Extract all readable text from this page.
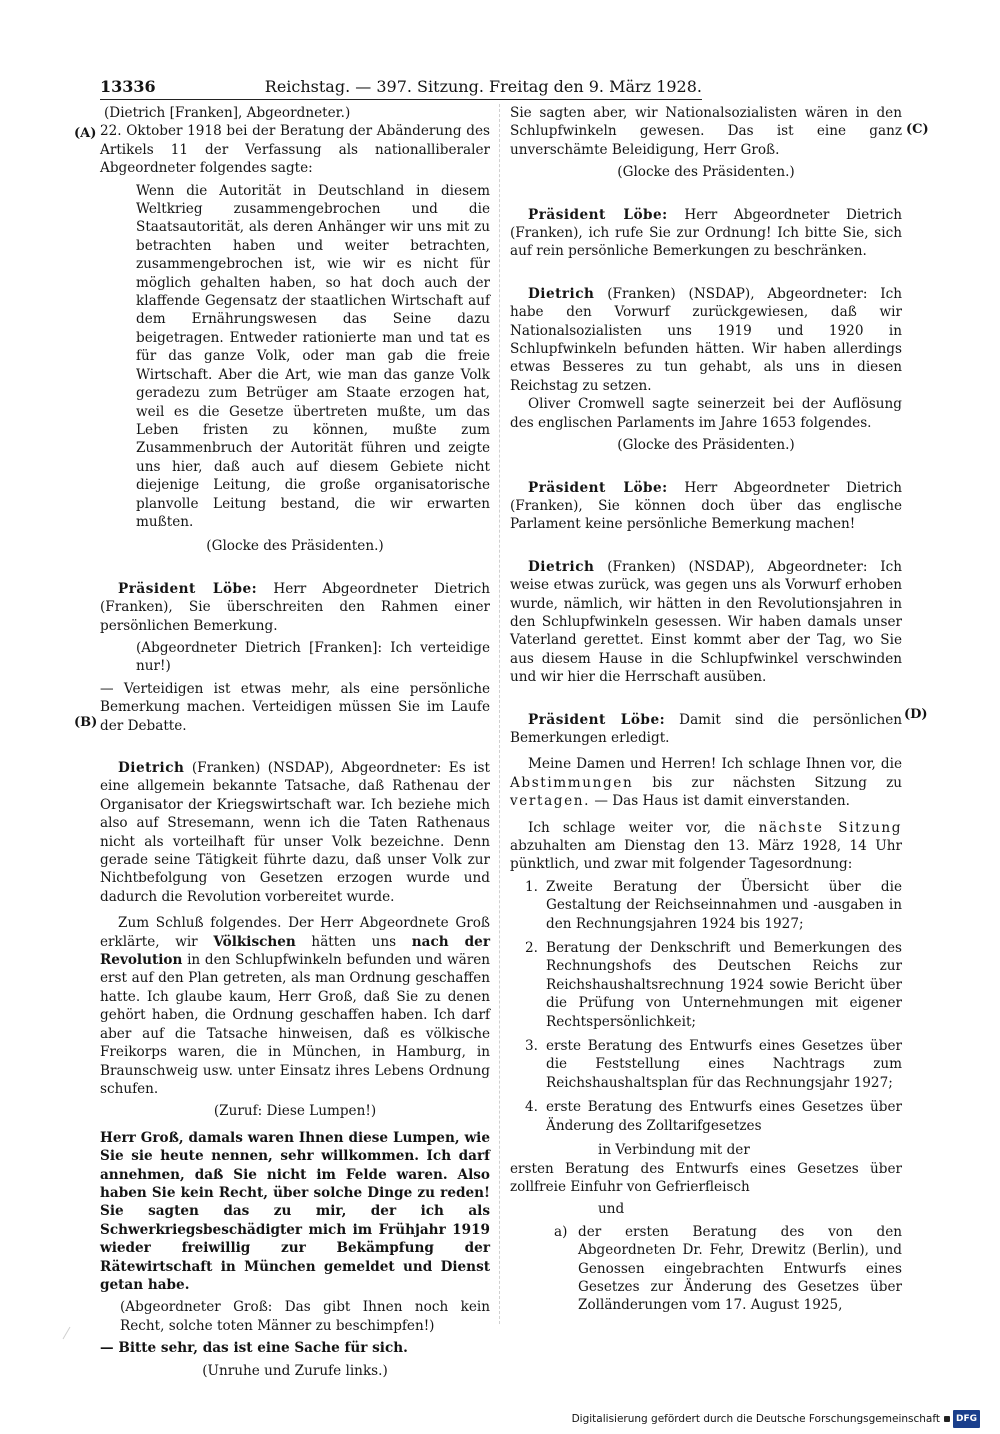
13336	Reichstag. — 397. Sitzung. Freitag den 9. März 1928.
(A)
(B)
(C)
(D)

(Dietrich [Franken], Abgeordneter.)

22. Oktober 1918 bei der Beratung der Abänderung des Artikels 11 der Verfassung als nationalliberaler Abgeordneter folgendes sagte:

Wenn die Autorität in Deutschland in diesem Weltkrieg zusammengebrochen und die Staatsautorität, als deren Anhänger wir uns mit zu betrachten haben und weiter betrachten, zusammengebrochen ist, wie wir es nicht für möglich gehalten haben, so hat doch auch der klaffende Gegensatz der staatlichen Wirtschaft auf dem Ernährungswesen das Seine dazu beigetragen. Entweder rationierte man und tat es für das ganze Volk, oder man gab die freie Wirtschaft. Aber die Art, wie man das ganze Volk geradezu zum Betrüger am Staate erzogen hat, weil es die Gesetze übertreten mußte, um das Leben fristen zu können, mußte zum Zusammenbruch der Autorität führen und zeigte uns hier, daß auch auf diesem Gebiete nicht diejenige Leitung, die große organisatorische planvolle Leitung bestand, die wir erwarten mußten.

(Glocke des Präsidenten.)

Präsident Löbe: Herr Abgeordneter Dietrich (Franken), Sie überschreiten den Rahmen einer persönlichen Bemerkung.

(Abgeordneter Dietrich [Franken]: Ich verteidige nur!)

— Verteidigen ist etwas mehr, als eine persönliche Bemerkung machen. Verteidigen müssen Sie im Laufe der Debatte.

Dietrich (Franken) (NSDAP), Abgeordneter: Es ist eine allgemein bekannte Tatsache, daß Rathenau der Organisator der Kriegswirtschaft war. Ich beziehe mich also auf Stresemann, wenn ich die Taten Rathenaus nicht als vorteilhaft für unser Volk bezeichne. Denn gerade seine Tätigkeit führte dazu, daß unser Volk zur Nichtbefolgung von Gesetzen erzogen wurde und dadurch die Revolution vorbereitet wurde.

Zum Schluß folgendes. Der Herr Abgeordnete Groß erklärte, wir Völkischen hätten uns nach der Revolution in den Schlupfwinkeln befunden und wären erst auf den Plan getreten, als man Ordnung geschaffen hatte. Ich glaube kaum, Herr Groß, daß Sie zu denen gehört haben, die Ordnung geschaffen haben. Ich darf aber auf die Tatsache hinweisen, daß es völkische Freikorps waren, die in München, in Hamburg, in Braunschweig usw. unter Einsatz ihres Lebens Ordnung schufen.

(Zuruf: Diese Lumpen!)

Herr Groß, damals waren Ihnen diese Lumpen, wie Sie sie heute nennen, sehr willkommen. Ich darf annehmen, daß Sie nicht im Felde waren. Also haben Sie kein Recht, über solche Dinge zu reden! Sie sagten das zu mir, der ich als Schwerkriegsbeschädigter mich im Frühjahr 1919 wieder freiwillig zur Bekämpfung der Rätewirtschaft in München gemeldet und Dienst getan habe.

(Abgeordneter Groß: Das gibt Ihnen noch kein Recht, solche toten Männer zu beschimpfen!)

— Bitte sehr, das ist eine Sache für sich.

(Unruhe und Zurufe links.)

Sie sagten aber, wir Nationalsozialisten wären in den Schlupfwinkeln gewesen. Das ist eine ganz unverschämte Beleidigung, Herr Groß.

(Glocke des Präsidenten.)

Präsident Löbe: Herr Abgeordneter Dietrich (Franken), ich rufe Sie zur Ordnung! Ich bitte Sie, sich auf rein persönliche Bemerkungen zu beschränken.

Dietrich (Franken) (NSDAP), Abgeordneter: Ich habe den Vorwurf zurückgewiesen, daß wir Nationalsozialisten uns 1919 und 1920 in Schlupfwinkeln befunden hätten. Wir haben allerdings etwas Besseres zu tun gehabt, als uns in diesen Reichstag zu setzen.

Oliver Cromwell sagte seinerzeit bei der Auflösung des englischen Parlaments im Jahre 1653 folgendes.

(Glocke des Präsidenten.)

Präsident Löbe: Herr Abgeordneter Dietrich (Franken), Sie können doch über das englische Parlament keine persönliche Bemerkung machen!

Dietrich (Franken) (NSDAP), Abgeordneter: Ich weise etwas zurück, was gegen uns als Vorwurf erhoben wurde, nämlich, wir hätten in den Revolutionsjahren in den Schlupfwinkeln gesessen. Wir haben damals unser Vaterland gerettet. Einst kommt aber der Tag, wo Sie aus diesem Hause in die Schlupfwinkel verschwinden und wir hier die Herrschaft ausüben.

Präsident Löbe: Damit sind die persönlichen Bemerkungen erledigt.

Meine Damen und Herren! Ich schlage Ihnen vor, die Abstimmungen bis zur nächsten Sitzung zu vertagen. — Das Haus ist damit einverstanden.

Ich schlage weiter vor, die nächste Sitzung abzuhalten am Dienstag den 13. März 1928, 14 Uhr pünktlich, und zwar mit folgender Tagesordnung:

1. Zweite Beratung der Übersicht über die Gestaltung der Reichseinnahmen und -ausgaben in den Rechnungsjahren 1924 bis 1927;
2. Beratung der Denkschrift und Bemerkungen des Rechnungshofs des Deutschen Reichs zur Reichshaushaltsrechnung 1924 sowie Bericht über die Prüfung von Unternehmungen mit eigener Rechtspersönlichkeit;
3. erste Beratung des Entwurfs eines Gesetzes über die Feststellung eines Nachtrags zum Reichshaushaltsplan für das Rechnungsjahr 1927;
4. erste Beratung des Entwurfs eines Gesetzes über Änderung des Zolltarifgesetzes

in Verbindung mit der

ersten Beratung des Entwurfs eines Gesetzes über zollfreie Einfuhr von Gefrierfleisch

und

a) der ersten Beratung des von den Abgeordneten Dr. Fehr, Drewitz (Berlin), und Genossen eingebrachten Entwurfs eines Gesetzes zur Änderung des Gesetzes über Zolländerungen vom 17. August 1925,
Digitalisierung gefördert durch die Deutsche Forschungsgemeinschaft	DFG
